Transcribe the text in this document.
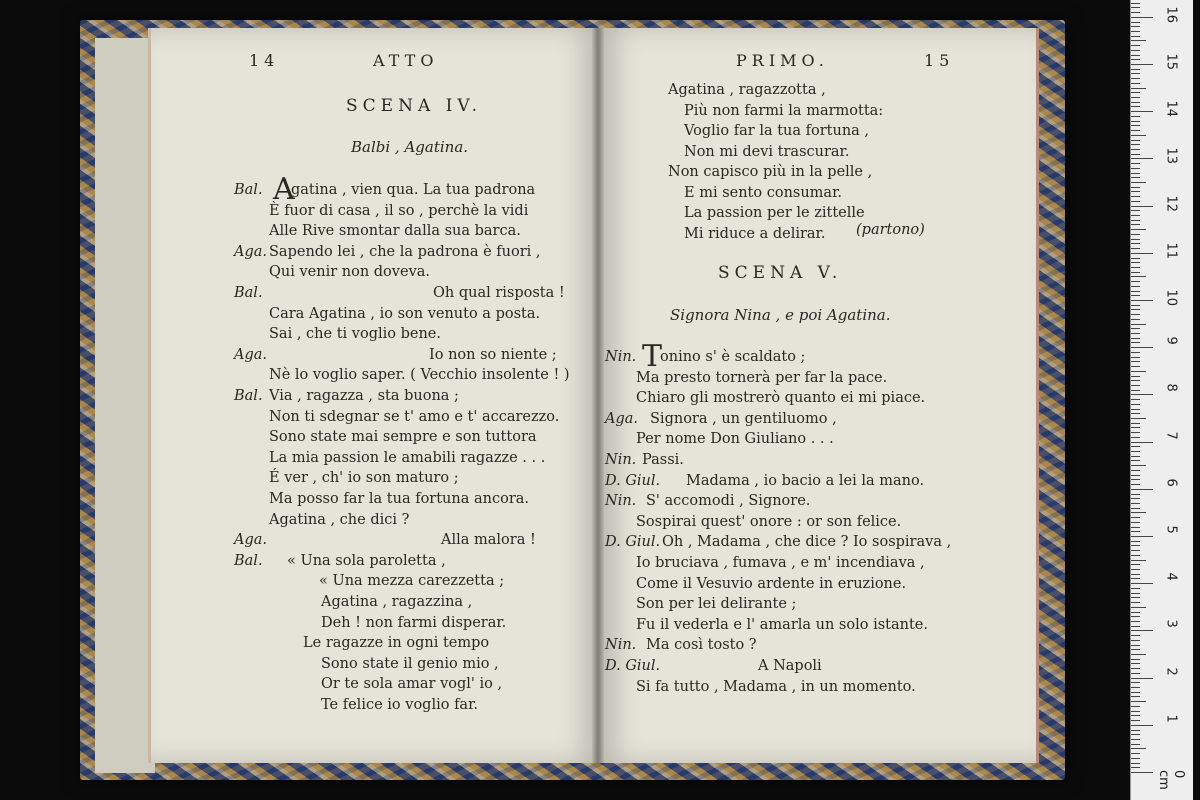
14	ATTO
SCENA IV.
Balbi , Agatina.
Bal. A
gatina , vien qua. La tua padrona
È fuor di casa , il so , perchè la vidi
Alle Rive smontar dalla sua barca.
Aga. Sapendo lei , che la padrona è fuori ,
Qui venir non doveva.
Bal.	Oh qual risposta !
Cara Agatina , io son venuto a posta.
Sai , che ti voglio bene.
Aga.	Io non so niente ;
Nè lo voglio saper. ( Vecchio insolente ! )
Bal. Via , ragazza , sta buona ;
Non ti sdegnar se t' amo e t' accarezzo.
Sono state mai sempre e son tuttora
La mia passion le amabili ragazze . . .
É ver , ch' io son maturo ;
Ma posso far la tua fortuna ancora.
Agatina , che dici ?
Aga.	Alla malora !
Bal. « Una sola paroletta ,
« Una mezza carezzetta ;
Agatina , ragazzina ,
Deh ! non farmi disperar.
Le ragazze in ogni tempo
Sono state il genio mio ,
Or te sola amar vogl' io ,
Te felice io voglio far.
PRIMO.	15
Agatina , ragazzotta ,
Più non farmi la marmotta:
Voglio far la tua fortuna ,
Non mi devi trascurar.
Non capisco più in la pelle ,
E mi sento consumar.
La passion per le zittelle
Mi riduce a delirar. (partono)
SCENA V.
Signora Nina , e poi Agatina.
Nin. T
onino s' è scaldato ;
Ma presto tornerà per far la pace.
Chiaro gli mostrerò quanto ei mi piace.
Aga. Signora , un gentiluomo ,
Per nome Don Giuliano . . .
Nin. Passi.
D. Giul. Madama , io bacio a lei la mano.
Nin. S' accomodi , Signore.
Sospirai quest' onore : or son felice.
D. Giul. Oh , Madama , che dice ? Io sospirava ,
Io bruciava , fumava , e m' incendiava ,
Come il Vesuvio ardente in eruzione.
Son per lei delirante ;
Fu il vederla e l' amarla un solo istante.
Nin. Ma così tosto ?
D. Giul.	A Napoli
Si fa tutto , Madama , in un momento.
1
2
3
4
5
6
7
8
9
10
11
12
13
14
15
16
0 cm
